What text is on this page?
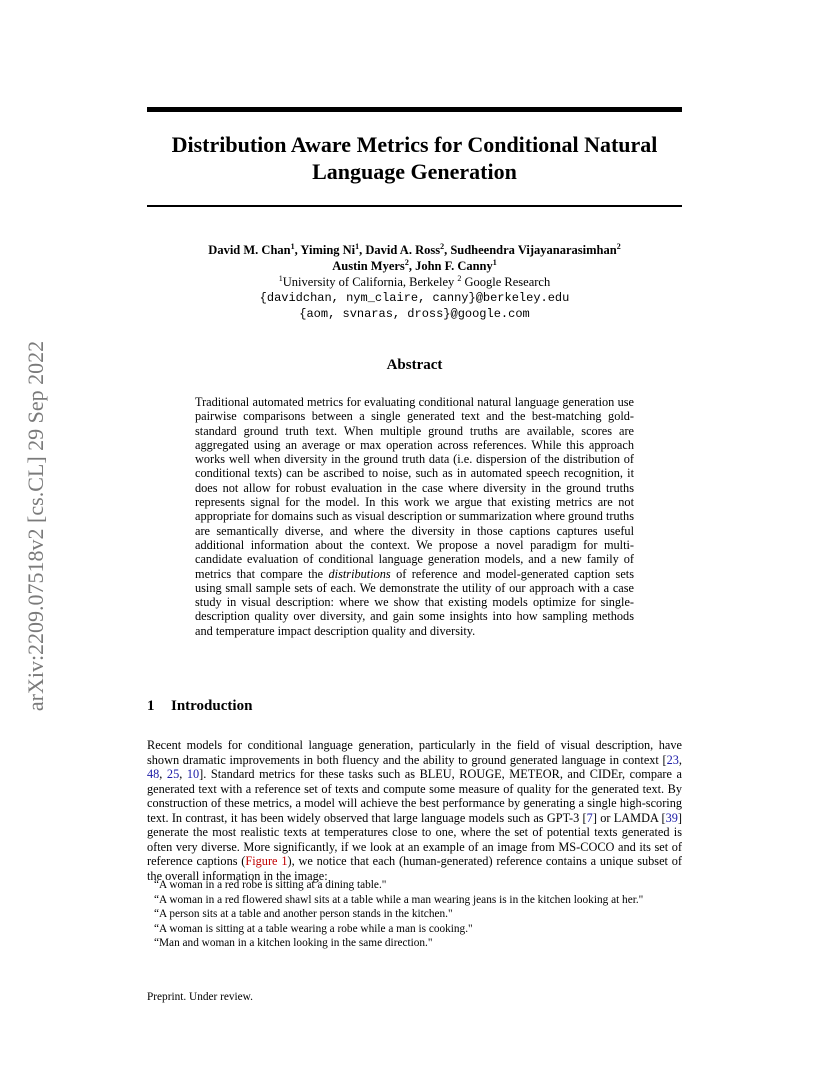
arXiv:2209.07518v2 [cs.CL] 29 Sep 2022
Distribution Aware Metrics for Conditional Natural
Language Generation
David M. Chan$^1$, Yiming Ni$^1$, David A. Ross$^2$, Sudheendra Vijayanarasimhan$^2$
Austin Myers$^2$, John F. Canny$^1$
$^1$University of California, Berkeley $^2$ Google Research
{davidchan, nym_claire, canny}@berkeley.edu
{aom, svnaras, dross}@google.com
Abstract
Traditional automated metrics for evaluating conditional natural language generation use pairwise comparisons between a single generated text and the best-matching gold-standard ground truth text. When multiple ground truths are available, scores are aggregated using an average or max operation across references. While this approach works well when diversity in the ground truth data (i.e. dispersion of the distribution of conditional texts) can be ascribed to noise, such as in automated speech recognition, it does not allow for robust evaluation in the case where diversity in the ground truths represents signal for the model. In this work we argue that existing metrics are not appropriate for domains such as visual description or summarization where ground truths are semantically diverse, and where the diversity in those captions captures useful additional information about the context. We propose a novel paradigm for multi-candidate evaluation of conditional language generation models, and a new family of metrics that compare the distributions of reference and model-generated caption sets using small sample sets of each. We demonstrate the utility of our approach with a case study in visual description: where we show that existing models optimize for single-description quality over diversity, and gain some insights into how sampling methods and temperature impact description quality and diversity.
1 Introduction
Recent models for conditional language generation, particularly in the field of visual description, have shown dramatic improvements in both fluency and the ability to ground generated language in context [23, 48, 25, 10]. Standard metrics for these tasks such as BLEU, ROUGE, METEOR, and CIDEr, compare a generated text with a reference set of texts and compute some measure of quality for the generated text. By construction of these metrics, a model will achieve the best performance by generating a single high-scoring text. In contrast, it has been widely observed that large language models such as GPT-3 [7] or LAMDA [39] generate the most realistic texts at temperatures close to one, where the set of potential texts generated is often very diverse. More significantly, if we look at an example of an image from MS-COCO and its set of reference captions (Figure 1), we notice that each (human-generated) reference contains a unique subset of the overall information in the image:
“A woman in a red robe is sitting at a dining table."
“A woman in a red flowered shawl sits at a table while a man wearing jeans is in the kitchen looking at her."
“A person sits at a table and another person stands in the kitchen."
“A woman is sitting at a table wearing a robe while a man is cooking."
“Man and woman in a kitchen looking in the same direction."
Preprint. Under review.
